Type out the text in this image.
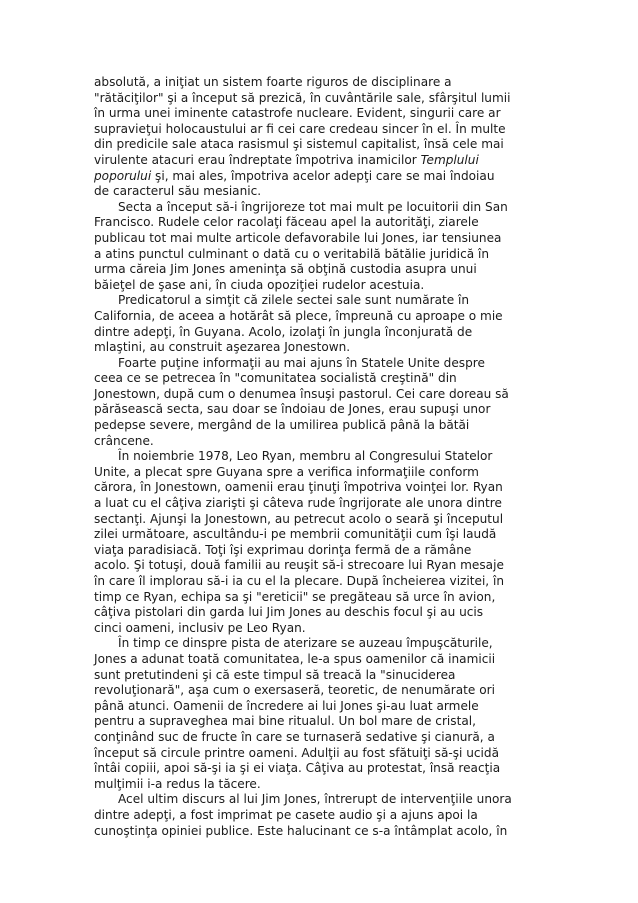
absolută, a iniţiat un sistem foarte riguros de disciplinare a
"rătăciţilor" şi a început să prezică, în cuvântările sale, sfârşitul lumii
în urma unei iminente catastrofe nucleare. Evident, singurii care ar
supravieţui holocaustului ar fi cei care credeau sincer în el. În multe
din predicile sale ataca rasismul şi sistemul capitalist, însă cele mai
virulente atacuri erau îndreptate împotriva inamicilor Templului
poporului şi, mai ales, împotriva acelor adepţi care se mai îndoiau
de caracterul său mesianic.
Secta a început să-i îngrijoreze tot mai mult pe locuitorii din San
Francisco. Rudele celor racolaţi făceau apel la autorităţi, ziarele
publicau tot mai multe articole defavorabile lui Jones, iar tensiunea
a atins punctul culminant o dată cu o veritabilă bătălie juridică în
urma căreia Jim Jones ameninţa să obţină custodia asupra unui
băieţel de şase ani, în ciuda opoziţiei rudelor acestuia.
Predicatorul a simţit că zilele sectei sale sunt numărate în
California, de aceea a hotărât să plece, împreună cu aproape o mie
dintre adepţi, în Guyana. Acolo, izolaţi în jungla înconjurată de
mlaştini, au construit aşezarea Jonestown.
Foarte puţine informaţii au mai ajuns în Statele Unite despre
ceea ce se petrecea în "comunitatea socialistă creştină" din
Jonestown, după cum o denumea însuşi pastorul. Cei care doreau să
părăsească secta, sau doar se îndoiau de Jones, erau supuşi unor
pedepse severe, mergând de la umilirea publică până la bătăi
crâncene.
În noiembrie 1978, Leo Ryan, membru al Congresului Statelor
Unite, a plecat spre Guyana spre a verifica informaţiile conform
cărora, în Jonestown, oamenii erau ţinuţi împotriva voinţei lor. Ryan
a luat cu el câţiva ziarişti şi câteva rude îngrijorate ale unora dintre
sectanţi. Ajunşi la Jonestown, au petrecut acolo o seară şi începutul
zilei următoare, ascultându-i pe membrii comunităţii cum îşi laudă
viaţa paradisiacă. Toţi îşi exprimau dorinţa fermă de a rămâne
acolo. Şi totuşi, două familii au reuşit să-i strecoare lui Ryan mesaje
în care îl implorau să-i ia cu el la plecare. După încheierea vizitei, în
timp ce Ryan, echipa sa şi "ereticii" se pregăteau să urce în avion,
câţiva pistolari din garda lui Jim Jones au deschis focul şi au ucis
cinci oameni, inclusiv pe Leo Ryan.
În timp ce dinspre pista de aterizare se auzeau împuşcăturile,
Jones a adunat toată comunitatea, le-a spus oamenilor că inamicii
sunt pretutindeni şi că este timpul să treacă la "sinuciderea
revoluţionară", aşa cum o exersaseră, teoretic, de nenumărate ori
până atunci. Oamenii de încredere ai lui Jones şi-au luat armele
pentru a supraveghea mai bine ritualul. Un bol mare de cristal,
conţinând suc de fructe în care se turnaseră sedative şi cianură, a
început să circule printre oameni. Adulţii au fost sfătuiţi să-şi ucidă
întâi copiii, apoi să-şi ia şi ei viaţa. Câţiva au protestat, însă reacţia
mulţimii i-a redus la tăcere.
Acel ultim discurs al lui Jim Jones, întrerupt de intervenţiile unora
dintre adepţi, a fost imprimat pe casete audio şi a ajuns apoi la
cunoştinţa opiniei publice. Este halucinant ce s-a întâmplat acolo, în
